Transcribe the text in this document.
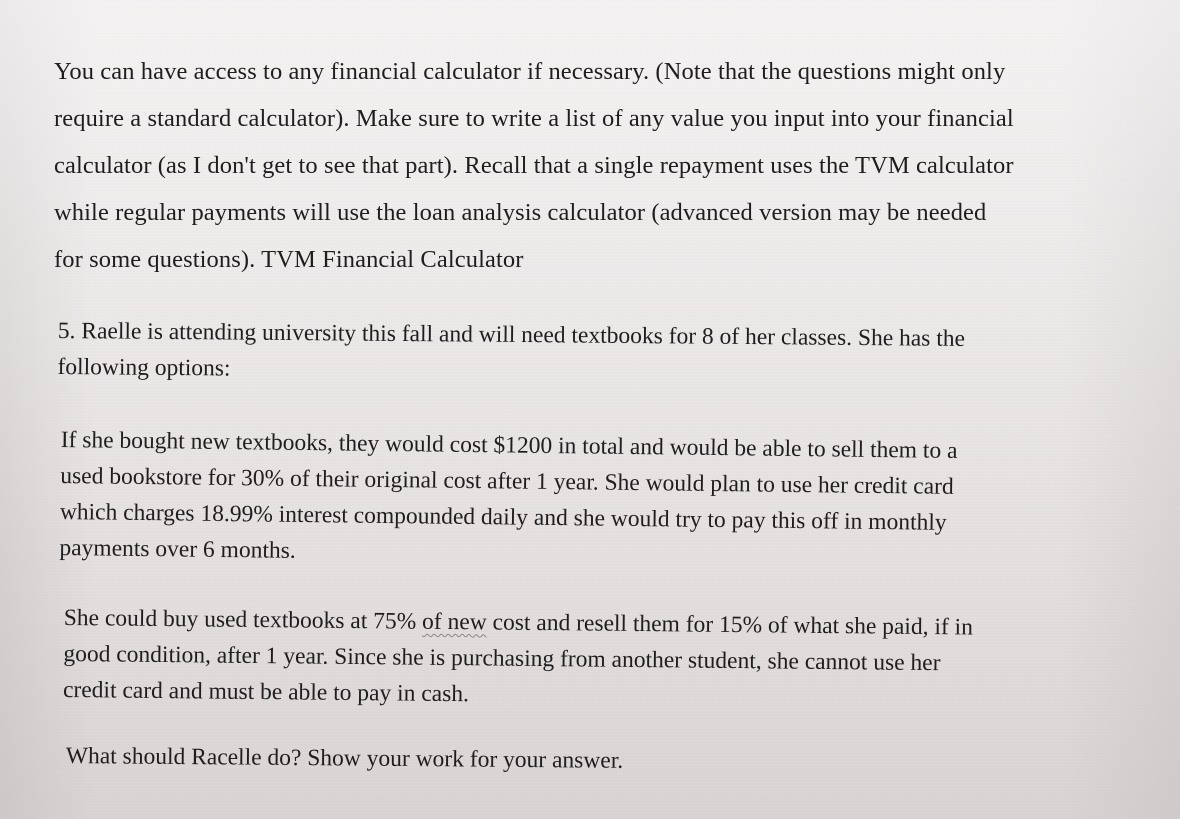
You can have access to any financial calculator if necessary. (Note that the questions might only
require a standard calculator). Make sure to write a list of any value you input into your financial
calculator (as I don't get to see that part). Recall that a single repayment uses the TVM calculator
while regular payments will use the loan analysis calculator (advanced version may be needed
for some questions). TVM Financial Calculator

5. Raelle is attending university this fall and will need textbooks for 8 of her classes. She has the
following options:

If she bought new textbooks, they would cost $1200 in total and would be able to sell them to a
used bookstore for 30% of their original cost after 1 year. She would plan to use her credit card
which charges 18.99% interest compounded daily and she would try to pay this off in monthly
payments over 6 months.

She could buy used textbooks at 75% of new cost and resell them for 15% of what she paid, if in
good condition, after 1 year. Since she is purchasing from another student, she cannot use her
credit card and must be able to pay in cash.

What should Racelle do? Show your work for your answer.
